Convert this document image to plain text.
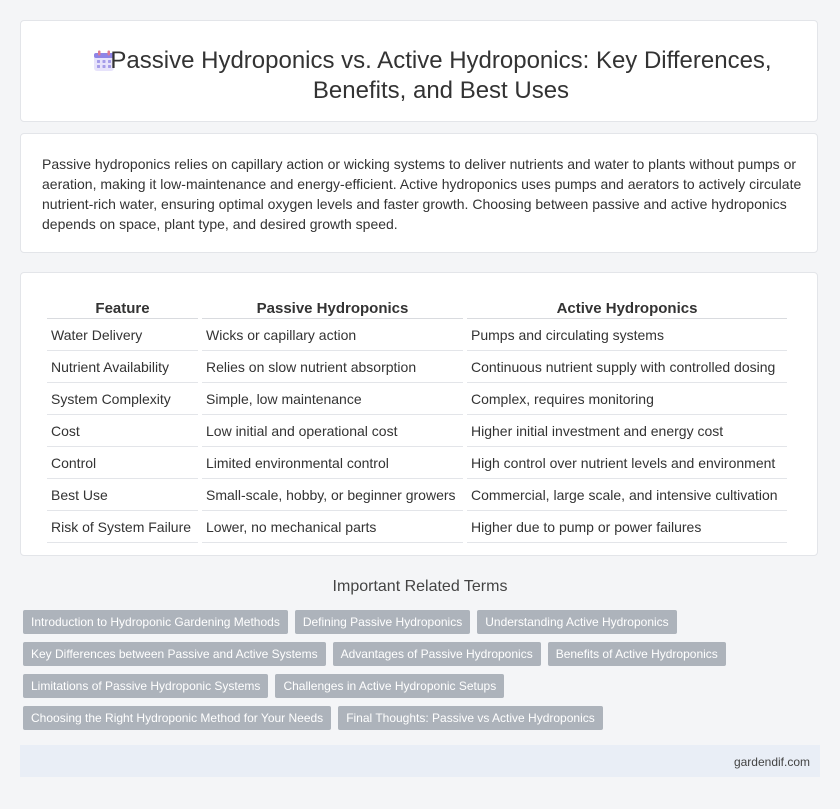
Passive Hydroponics vs. Active Hydroponics: Key Differences, Benefits, and Best Uses

Passive hydroponics relies on capillary action or wicking systems to deliver nutrients and water to plants without pumps or aeration, making it low-maintenance and energy-efficient. Active hydroponics uses pumps and aerators to actively circulate nutrient-rich water, ensuring optimal oxygen levels and faster growth. Choosing between passive and active hydroponics depends on space, plant type, and desired growth speed.

Feature	Passive Hydroponics	Active Hydroponics
Water Delivery	Wicks or capillary action	Pumps and circulating systems
Nutrient Availability	Relies on slow nutrient absorption	Continuous nutrient supply with controlled dosing
System Complexity	Simple, low maintenance	Complex, requires monitoring
Cost	Low initial and operational cost	Higher initial investment and energy cost
Control	Limited environmental control	High control over nutrient levels and environment
Best Use	Small-scale, hobby, or beginner growers	Commercial, large scale, and intensive cultivation
Risk of System Failure	Lower, no mechanical parts	Higher due to pump or power failures
Important Related Terms
Introduction to Hydroponic Gardening Methods	Defining Passive Hydroponics	Understanding Active Hydroponics
Key Differences between Passive and Active Systems	Advantages of Passive Hydroponics	Benefits of Active Hydroponics
Limitations of Passive Hydroponic Systems	Challenges in Active Hydroponic Setups
Choosing the Right Hydroponic Method for Your Needs	Final Thoughts: Passive vs Active Hydroponics
gardendif.com
